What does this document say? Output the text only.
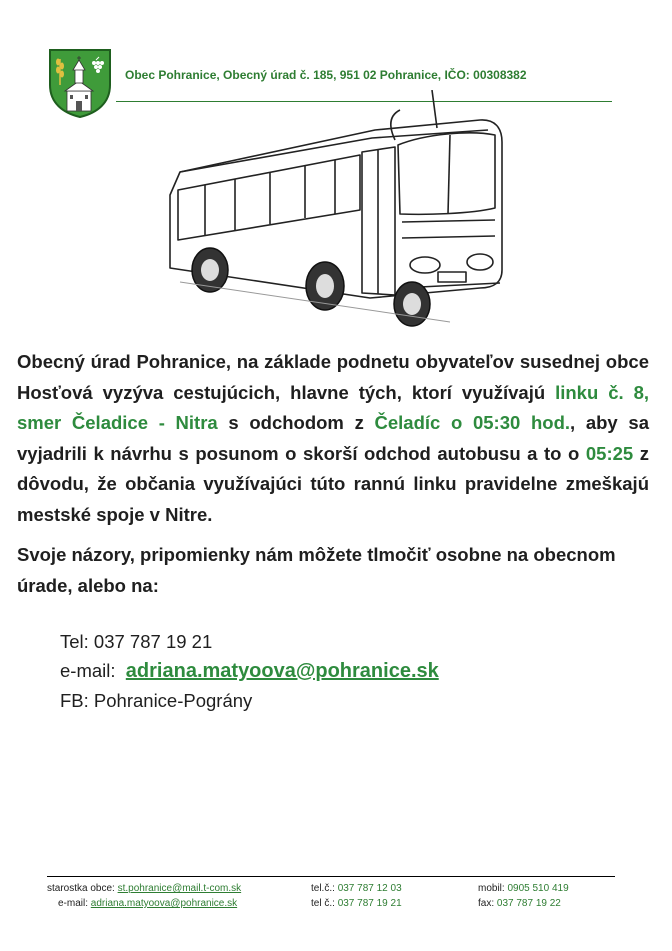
Obec Pohranice, Obecný úrad č. 185, 951 02 Pohranice, IČO: 00308382
Obecný úrad Pohranice, na základe podnetu obyvateľov susednej obce Hosťová vyzýva cestujúcich, hlavne tých, ktorí využívajú linku č. 8, smer Čeladice - Nitra s odchodom z Čeladíc o 05:30 hod., aby sa vyjadrili k návrhu s posunom o skorší odchod autobusu a to o 05:25 z dôvodu, že občania využívajúci túto rannú linku pravidelne zmeškajú mestské spoje v Nitre.
Svoje názory, pripomienky nám môžete tlmočiť osobne na obecnom úrade, alebo na:
Tel: 037 787 19 21
e-mail: adriana.matyoova@pohranice.sk
FB: Pohranice-Pográny
starostka obce: st.pohranice@mail.t-com.sk
e-mail: adriana.matyoova@pohranice.sk
tel.č.: 037 787 12 03
tel č.: 037 787 19 21
mobil: 0905 510 419
fax: 037 787 19 22
